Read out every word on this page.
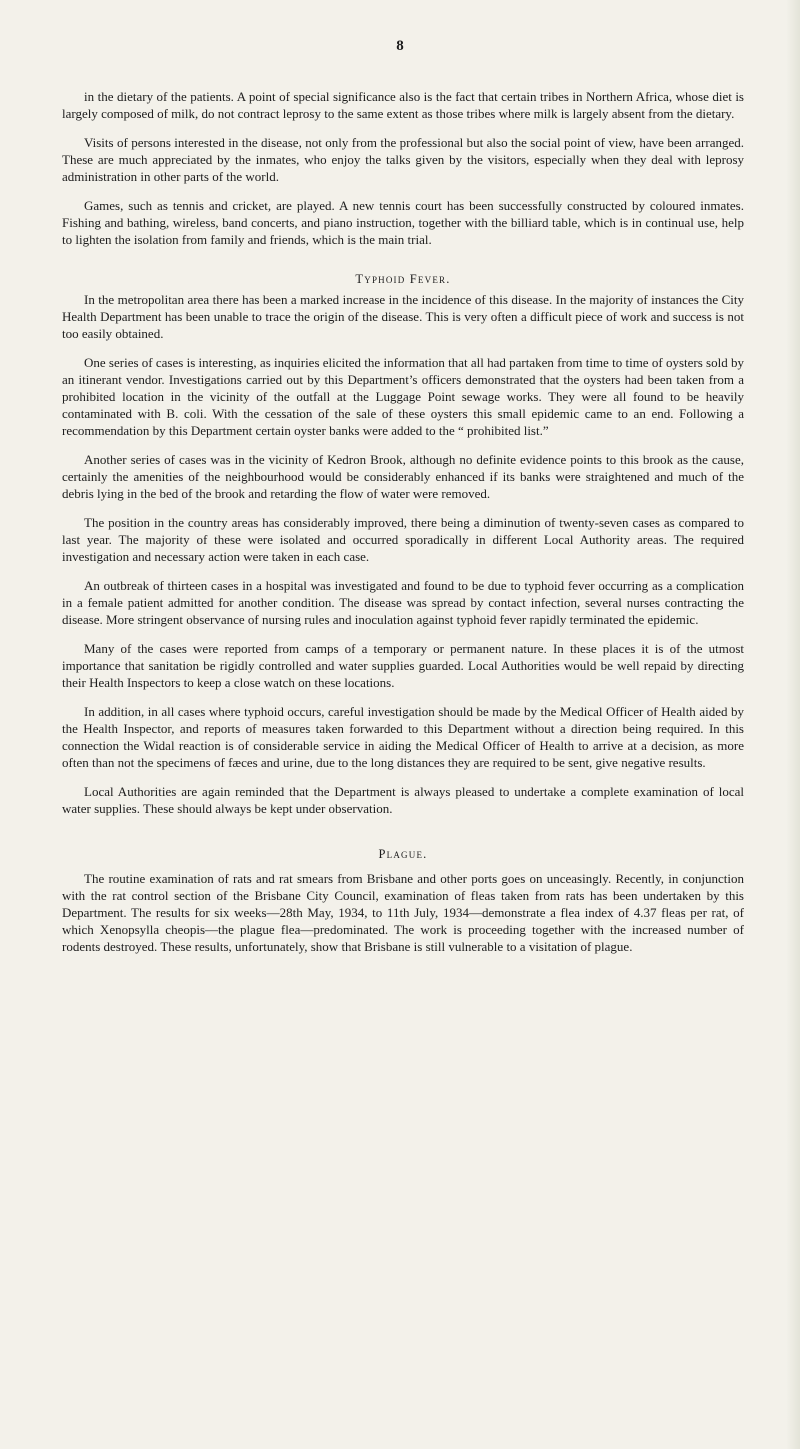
8

in the dietary of the patients. A point of special significance also is the fact that certain tribes in Northern Africa, whose diet is largely composed of milk, do not contract leprosy to the same extent as those tribes where milk is largely absent from the dietary.

Visits of persons interested in the disease, not only from the professional but also the social point of view, have been arranged. These are much appreciated by the inmates, who enjoy the talks given by the visitors, especially when they deal with leprosy administration in other parts of the world.

Games, such as tennis and cricket, are played. A new tennis court has been successfully constructed by coloured inmates. Fishing and bathing, wireless, band concerts, and piano instruction, together with the billiard table, which is in continual use, help to lighten the isolation from family and friends, which is the main trial.

Typhoid Fever.

In the metropolitan area there has been a marked increase in the incidence of this disease. In the majority of instances the City Health Department has been unable to trace the origin of the disease. This is very often a difficult piece of work and success is not too easily obtained.

One series of cases is interesting, as inquiries elicited the information that all had partaken from time to time of oysters sold by an itinerant vendor. Investigations carried out by this Department’s officers demonstrated that the oysters had been taken from a prohibited location in the vicinity of the outfall at the Luggage Point sewage works. They were all found to be heavily contaminated with B. coli. With the cessation of the sale of these oysters this small epidemic came to an end. Following a recommendation by this Department certain oyster banks were added to the “ prohibited list.”

Another series of cases was in the vicinity of Kedron Brook, although no definite evidence points to this brook as the cause, certainly the amenities of the neighbourhood would be considerably enhanced if its banks were straightened and much of the debris lying in the bed of the brook and retarding the flow of water were removed.

The position in the country areas has considerably improved, there being a diminution of twenty-seven cases as compared to last year. The majority of these were isolated and occurred sporadically in different Local Authority areas. The required investigation and necessary action were taken in each case.

An outbreak of thirteen cases in a hospital was investigated and found to be due to typhoid fever occurring as a complication in a female patient admitted for another condition. The disease was spread by contact infection, several nurses contracting the disease. More stringent observance of nursing rules and inoculation against typhoid fever rapidly terminated the epidemic.

Many of the cases were reported from camps of a temporary or permanent nature. In these places it is of the utmost importance that sanitation be rigidly controlled and water supplies guarded. Local Authorities would be well repaid by directing their Health Inspectors to keep a close watch on these locations.

In addition, in all cases where typhoid occurs, careful investigation should be made by the Medical Officer of Health aided by the Health Inspector, and reports of measures taken forwarded to this Department without a direction being required. In this connection the Widal reaction is of considerable service in aiding the Medical Officer of Health to arrive at a decision, as more often than not the specimens of fæces and urine, due to the long distances they are required to be sent, give negative results.

Local Authorities are again reminded that the Department is always pleased to undertake a complete examination of local water supplies. These should always be kept under observation.

Plague.

The routine examination of rats and rat smears from Brisbane and other ports goes on unceasingly. Recently, in conjunction with the rat control section of the Brisbane City Council, examination of fleas taken from rats has been undertaken by this Department. The results for six weeks—28th May, 1934, to 11th July, 1934—demonstrate a flea index of 4.37 fleas per rat, of which Xenopsylla cheopis—the plague flea—predominated. The work is proceeding together with the increased number of rodents destroyed. These results, unfortunately, show that Brisbane is still vulnerable to a visitation of plague.
